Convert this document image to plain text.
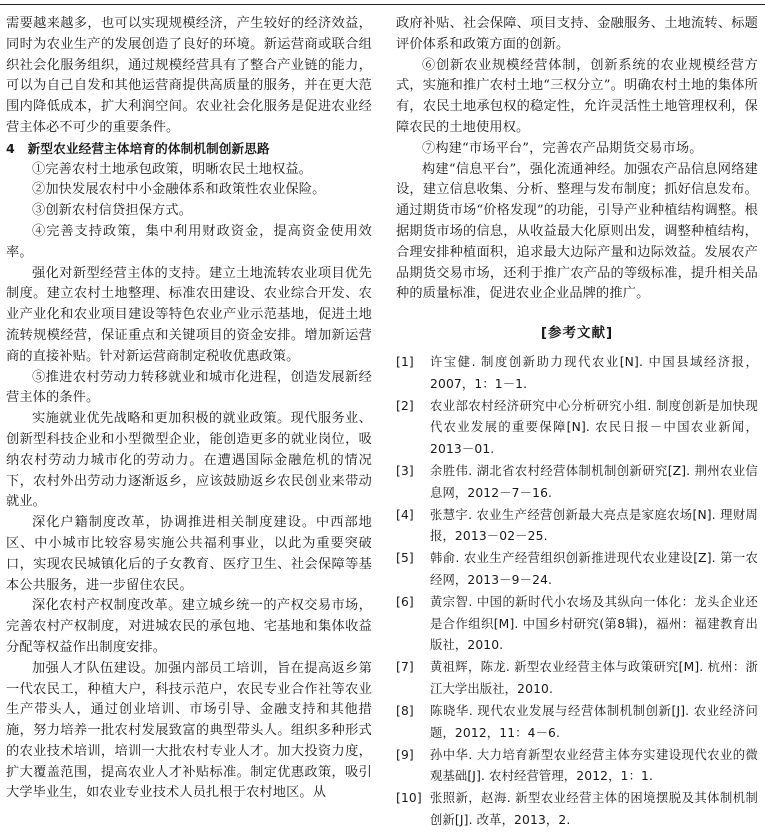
需要越来越多，也可以实现规模经济，产生较好的经济效益，同时为农业生产的发展创造了良好的环境。新运营商或联合组织社会化服务组织，通过规模经营具有了整合产业链的能力，可以为自己自发和其他运营商提供高质量的服务，并在更大范围内降低成本，扩大利润空间。农业社会化服务是促进农业经营主体必不可少的重要条件。

4　新型农业经营主体培育的体制机制创新思路

①完善农村土地承包政策，明晰农民土地权益。

②加快发展农村中小金融体系和政策性农业保险。

③创新农村信贷担保方式。

④完善支持政策，集中利用财政资金，提高资金使用效率。

强化对新型经营主体的支持。建立土地流转农业项目优先制度。建立农村土地整理、标准农田建设、农业综合开发、农业产业化和农业项目建设等特色农业产业示范基地，促进土地流转规模经营，保证重点和关键项目的资金安排。增加新运营商的直接补贴。针对新运营商制定税收优惠政策。

⑤推进农村劳动力转移就业和城市化进程，创造发展新经营主体的条件。

实施就业优先战略和更加积极的就业政策。现代服务业、创新型科技企业和小型微型企业，能创造更多的就业岗位，吸纳农村劳动力城市化的劳动力。在遭遇国际金融危机的情况下，农村外出劳动力逐渐返乡，应该鼓励返乡农民创业来带动就业。

深化户籍制度改革，协调推进相关制度建设。中西部地区、中小城市比较容易实施公共福利事业，以此为重要突破口，实现农民城镇化后的子女教育、医疗卫生、社会保障等基本公共服务，进一步留住农民。

深化农村产权制度改革。建立城乡统一的产权交易市场，完善农村产权制度，对进城农民的承包地、宅基地和集体收益分配等权益作出制度安排。

加强人才队伍建设。加强内部员工培训，旨在提高返乡第一代农民工，种植大户，科技示范户，农民专业合作社等农业生产带头人，通过创业培训、市场引导、金融支持和其他措施，努力培养一批农村发展致富的典型带头人。组织多种形式的农业技术培训，培训一大批农村专业人才。加大投资力度，扩大覆盖范围，提高农业人才补贴标准。制定优惠政策，吸引大学毕业生，如农业专业技术人员扎根于农村地区。从

政府补贴、社会保障、项目支持、金融服务、土地流转、标题评价体系和政策方面的创新。

⑥创新农业规模经营体制，创新系统的农业规模经营方式，实施和推广农村土地“三权分立”。明确农村土地的集体所有，农民土地承包权的稳定性，允许灵活性土地管理权利，保障农民的土地使用权。

⑦构建“市场平台”，完善农产品期货交易市场。

构建“信息平台”，强化流通神经。加强农产品信息网络建设，建立信息收集、分析、整理与发布制度；抓好信息发布。通过期货市场“价格发现”的功能，引导产业种植结构调整。根据期货市场的信息，从收益最大化原则出发，调整种植结构，合理安排种植面积，追求最大边际产量和边际效益。发展农产品期货交易市场，还利于推广农产品的等级标准，提升相关品种的质量标准，促进农业企业品牌的推广。

[参考文献]
[1]	许宝健. 制度创新助力现代农业[N]. 中国县域经济报，2007，1：1－1.
[2]	农业部农村经济研究中心分析研究小组. 制度创新是加快现代农业发展的重要保障[N]. 农民日报－中国农业新闻，2013－01.
[3]	余胜伟. 湖北省农村经营体制机制创新研究[Z]. 荆州农业信息网，2012－7－16.
[4]	张慧宇. 农业生产经营创新最大亮点是家庭农场[N]. 理财周报，2013－02－25.
[5]	韩俞. 农业生产经营组织创新推进现代农业建设[Z]. 第一农经网，2013－9－24.
[6]	黄宗智. 中国的新时代小农场及其纵向一体化：龙头企业还是合作组织[M]. 中国乡村研究(第8辑)，福州：福建教育出版社，2010.
[7]	黄祖辉，陈龙. 新型农业经营主体与政策研究[M]. 杭州：浙江大学出版社，2010.
[8]	陈晓华. 现代农业发展与经营体制机制创新[J]. 农业经济问题，2012，11：4－6.
[9]	孙中华. 大力培育新型农业经营主体夯实建设现代农业的微观基础[J]. 农村经营管理，2012，1：1.
[10] 张照新，赵海. 新型农业经营主体的困境摆脱及其体制机制创新[J]. 改革，2013，2.
